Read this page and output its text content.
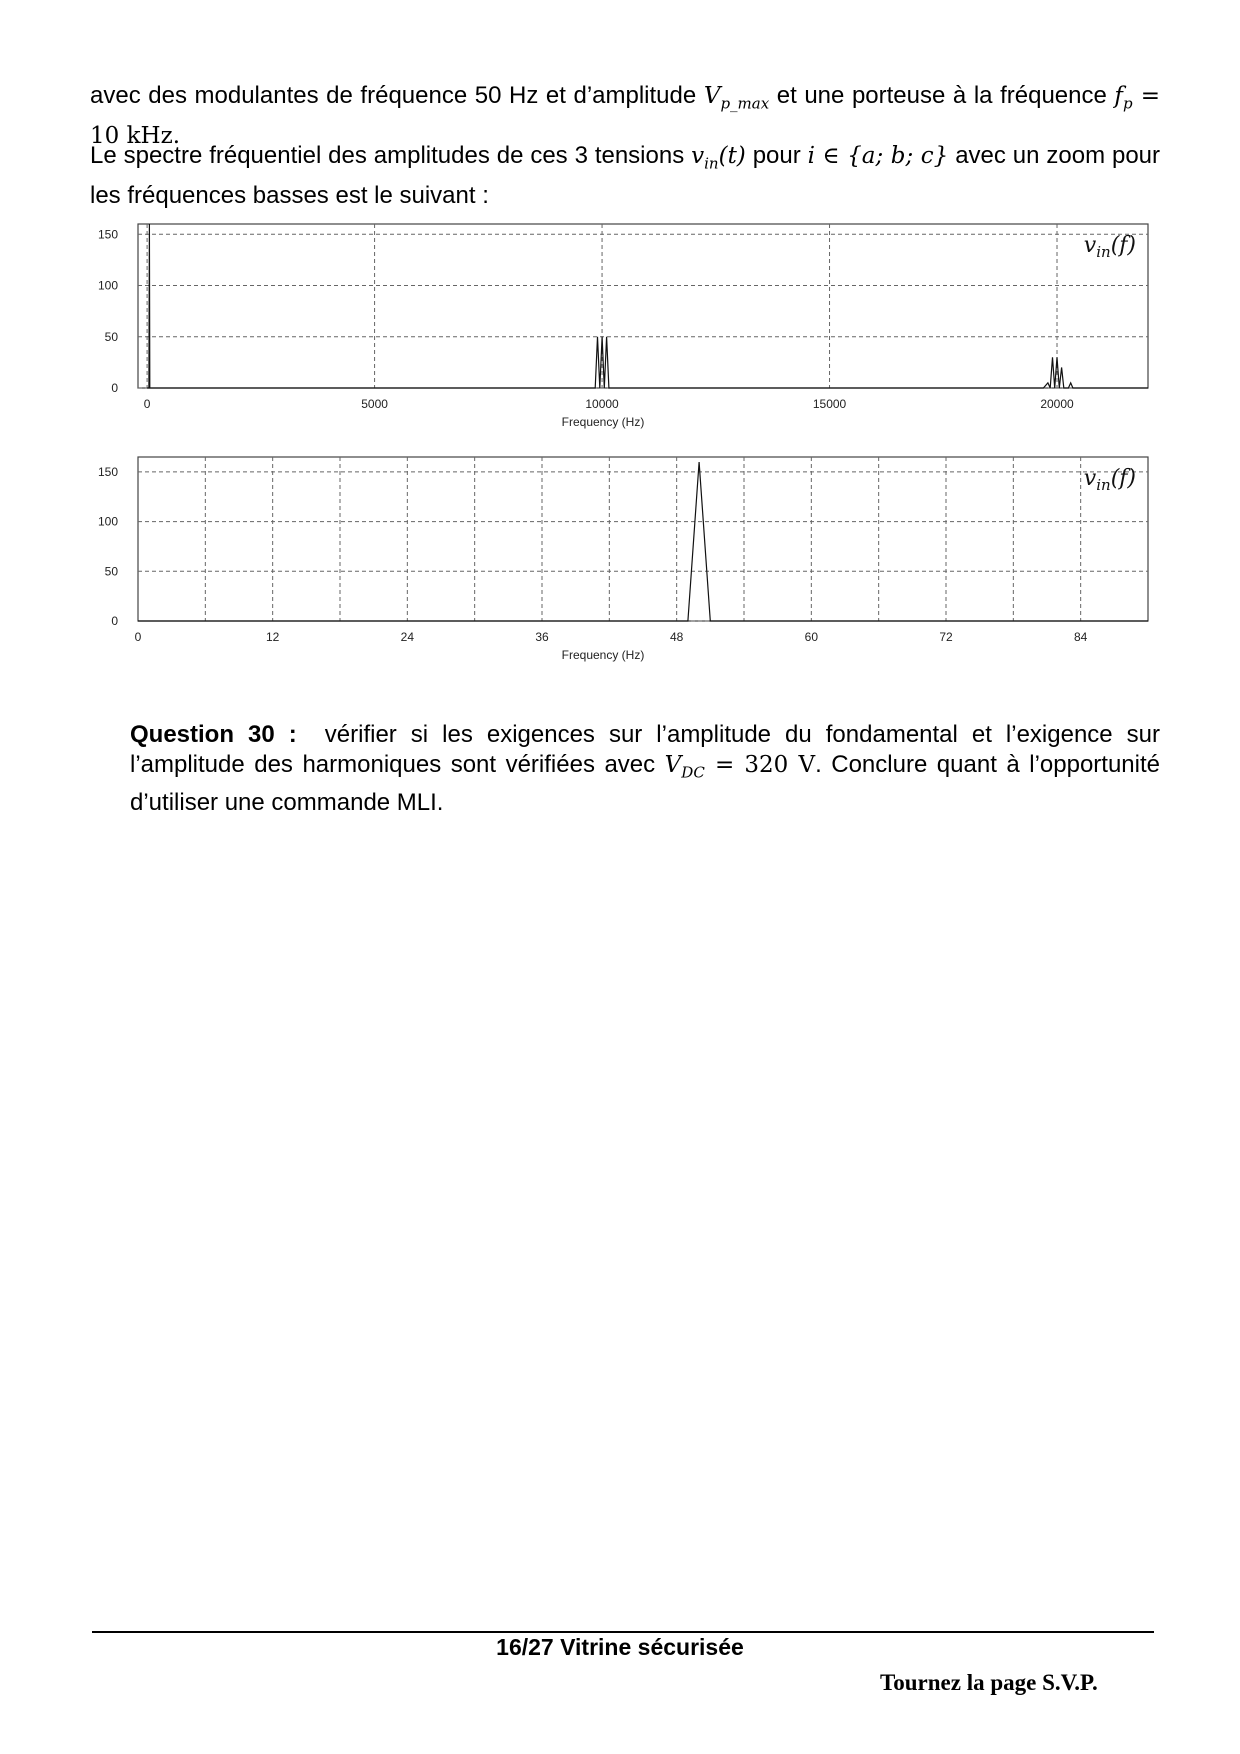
avec des modulantes de fréquence 50 Hz et d’amplitude $V_{p\_max}$ et une porteuse à la fréquence $f_p = 10$ kHz.

Le spectre fréquentiel des amplitudes de ces 3 tensions $v_{in}(t)$ pour i ∈ {a; b; c} avec un zoom pour les fréquences basses est le suivant :

0
50
100
150
0	5000	10000	15000	20000
Frequency (Hz)
$v_{in}(f)$
0
50
100
150
0	12	24	36	48	60	72	84
Frequency (Hz)
$v_{in}(f)$
Question 30 : vérifier si les exigences sur l’amplitude du fondamental et l’exigence sur l’amplitude des harmoniques sont vérifiées avec $V_{DC} = 320$ V. Conclure quant à l’opportunité d’utiliser une commande MLI.
16/27 Vitrine sécurisée
Tournez la page S.V.P.
